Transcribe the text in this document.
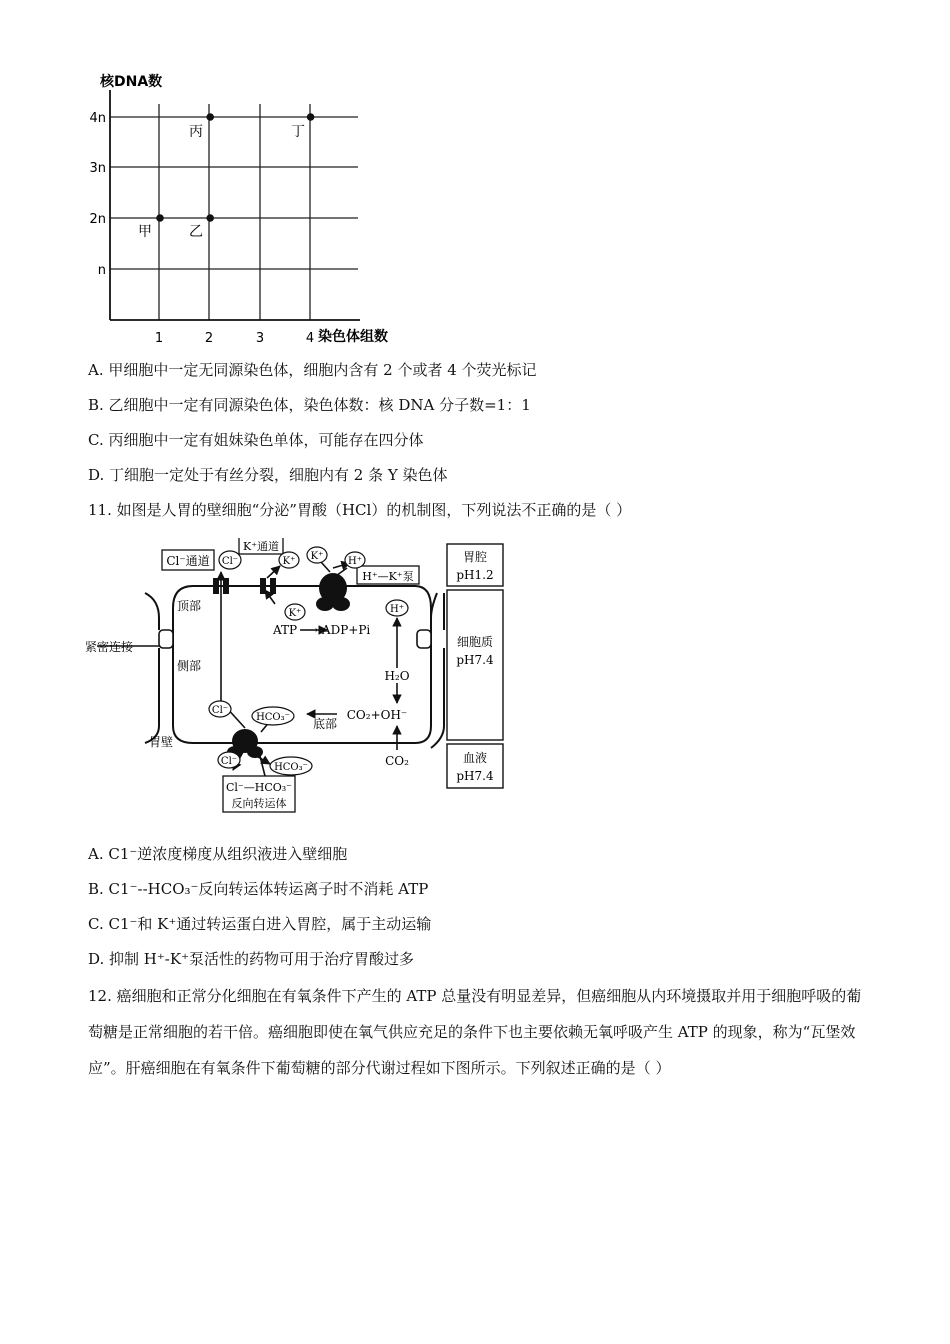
核DNA数
染色体组数
4n
3n
2n
n
1	2	3	4
甲	乙
丙	丁
A. 甲细胞中一定无同源染色体，细胞内含有 2 个或者 4 个荧光标记
B. 乙细胞中一定有同源染色体，染色体数：核 DNA 分子数=1：1
C. 丙细胞中一定有姐妹染色单体，可能存在四分体
D. 丁细胞一定处于有丝分裂，细胞内有 2 条 Y 染色体
11. 如图是人胃的壁细胞“分泌”胃酸（HCl）的机制图，下列说法不正确的是（ ）
Cl⁻通道
K⁺通道
H⁺—K⁺泵
Cl⁻	K⁺ K⁺ H⁺
K⁺	H⁺
Cl⁻
HCO₃⁻
Cl⁻
HCO₃⁻
顶部
紧密连接
侧部
胃壁
底部
ATP ⟶ ADP+Pi
H₂O
CO₂+OH⁻
CO₂
Cl⁻—HCO₃⁻
反向转运体
胃腔
pH1.2
细胞质
pH7.4
血液
pH7.4
A. C1⁻逆浓度梯度从组织液进入壁细胞
B. C1⁻--HCO₃⁻反向转运体转运离子时不消耗 ATP
C. C1⁻和 K⁺通过转运蛋白进入胃腔，属于主动运输
D. 抑制 H⁺-K⁺泵活性的药物可用于治疗胃酸过多
12. 癌细胞和正常分化细胞在有氧条件下产生的 ATP 总量没有明显差异，但癌细胞从内环境摄取并用于细胞呼吸的葡萄糖是正常细胞的若干倍。癌细胞即使在氧气供应充足的条件下也主要依赖无氧呼吸产生 ATP 的现象，称为“瓦堡效应”。肝癌细胞在有氧条件下葡萄糖的部分代谢过程如下图所示。下列叙述正确的是（ ）
